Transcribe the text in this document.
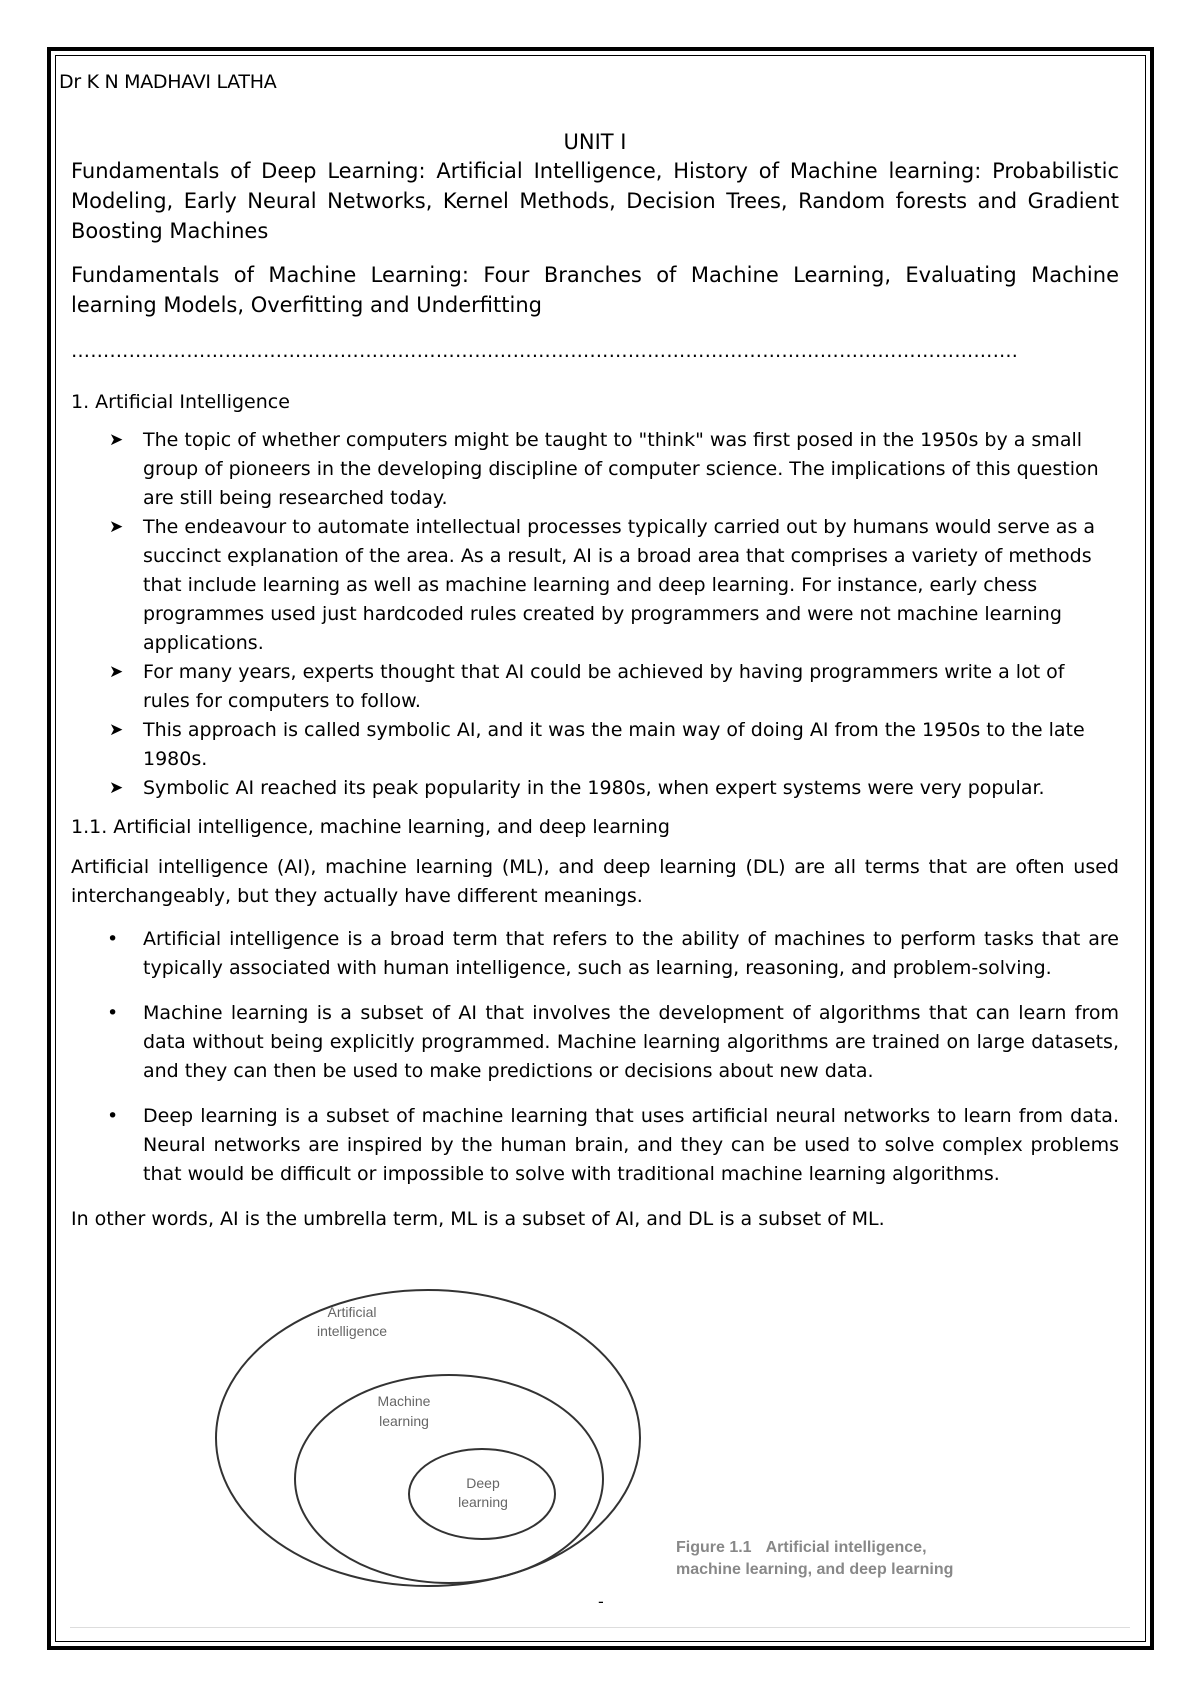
Dr K N MADHAVI LATHA

UNIT I

Fundamentals of Deep Learning: Artificial Intelligence, History of Machine learning: Probabilistic Modeling, Early Neural Networks, Kernel Methods, Decision Trees, Random forests and Gradient Boosting Machines

Fundamentals of Machine Learning: Four Branches of Machine Learning, Evaluating Machine learning Models, Overfitting and Underfitting

………………………………………………………………………………………………………………………………….

1. Artificial Intelligence

➤ The topic of whether computers might be taught to "think" was first posed in the 1950s by a small group of pioneers in the developing discipline of computer science. The implications of this question are still being researched today.
➤ The endeavour to automate intellectual processes typically carried out by humans would serve as a succinct explanation of the area. As a result, AI is a broad area that comprises a variety of methods that include learning as well as machine learning and deep learning. For instance, early chess programmes used just hardcoded rules created by programmers and were not machine learning applications.
➤ For many years, experts thought that AI could be achieved by having programmers write a lot of rules for computers to follow.
➤ This approach is called symbolic AI, and it was the main way of doing AI from the 1950s to the late 1980s.
➤ Symbolic AI reached its peak popularity in the 1980s, when expert systems were very popular.

1.1. Artificial intelligence, machine learning, and deep learning

Artificial intelligence (AI), machine learning (ML), and deep learning (DL) are all terms that are often used interchangeably, but they actually have different meanings.

• Artificial intelligence is a broad term that refers to the ability of machines to perform tasks that are typically associated with human intelligence, such as learning, reasoning, and problem-solving.
• Machine learning is a subset of AI that involves the development of algorithms that can learn from data without being explicitly programmed. Machine learning algorithms are trained on large datasets, and they can then be used to make predictions or decisions about new data.
• Deep learning is a subset of machine learning that uses artificial neural networks to learn from data. Neural networks are inspired by the human brain, and they can be used to solve complex problems that would be difficult or impossible to solve with traditional machine learning algorithms.

In other words, AI is the umbrella term, ML is a subset of AI, and DL is a subset of ML.

Artificial
intelligence
Machine
learning
Deep
learning
Figure 1.1 Artificial intelligence,
machine learning, and deep learning
-
